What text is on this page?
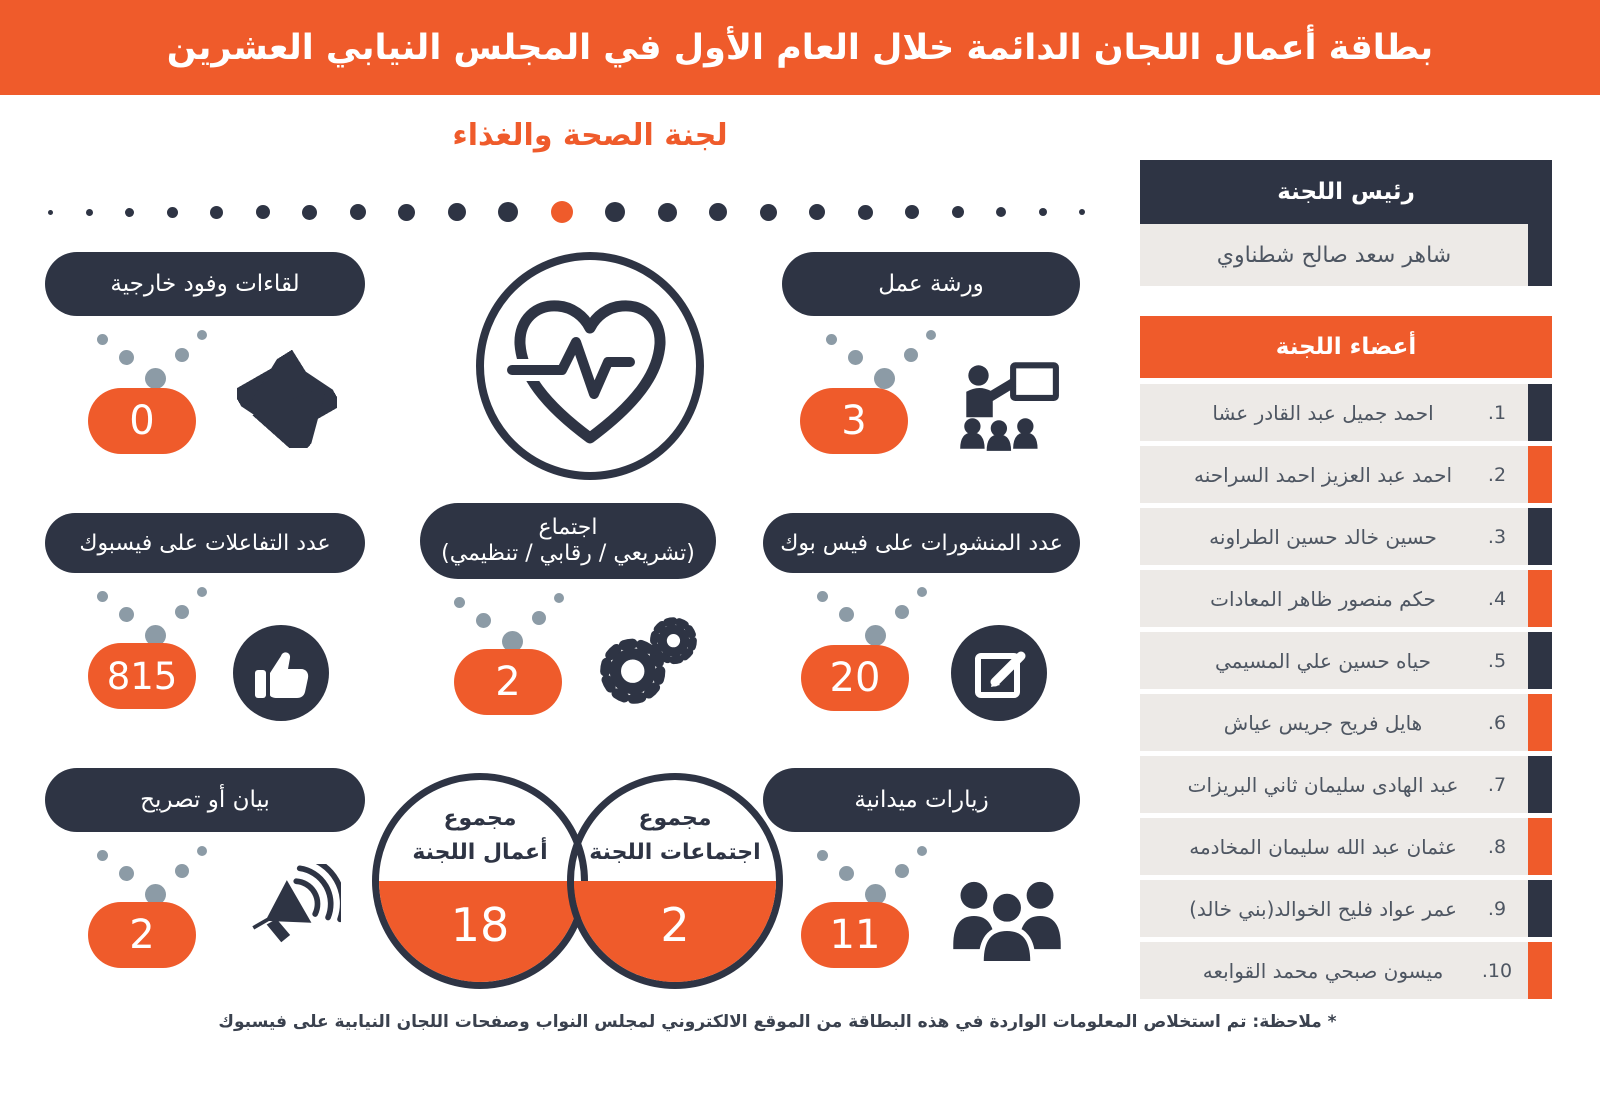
بطاقة أعمال اللجان الدائمة خلال العام الأول في المجلس النيابي العشرين
لجنة الصحة والغذاء
لقاءات وفود خارجية
0
ورشة عمل
3
عدد التفاعلات على فيسبوك
815
اجتماع
(تشريعي / رقابي / تنظيمي)
2
عدد المنشورات على فيس بوك
20
بيان أو تصريح
2
مجموع
أعمال اللجنة
18
مجموع
اجتماعات اللجنة
2
زيارات ميدانية
11
رئيس اللجنة
شاهر سعد صالح شطناوي
أعضاء اللجنة
1.
احمد جميل عبد القادر عشا
2.
احمد عبد العزيز احمد السراحنه
3.
حسين خالد حسين الطراونه
4.
حكم منصور ظاهر المعادات
5.
حياه حسين علي المسيمي
6.
هايل فريح جريس عياش
7.
عبد الهادى سليمان ثاني البريزات
8.
عثمان عبد الله سليمان المخادمه
9.
عمر عواد فليح الخوالد(بني خالد)
10.
ميسون صبحي محمد القوابعه
* ملاحظة: تم استخلاص المعلومات الواردة في هذه البطاقة من الموقع الالكتروني لمجلس النواب وصفحات اللجان النيابية على فيسبوك
